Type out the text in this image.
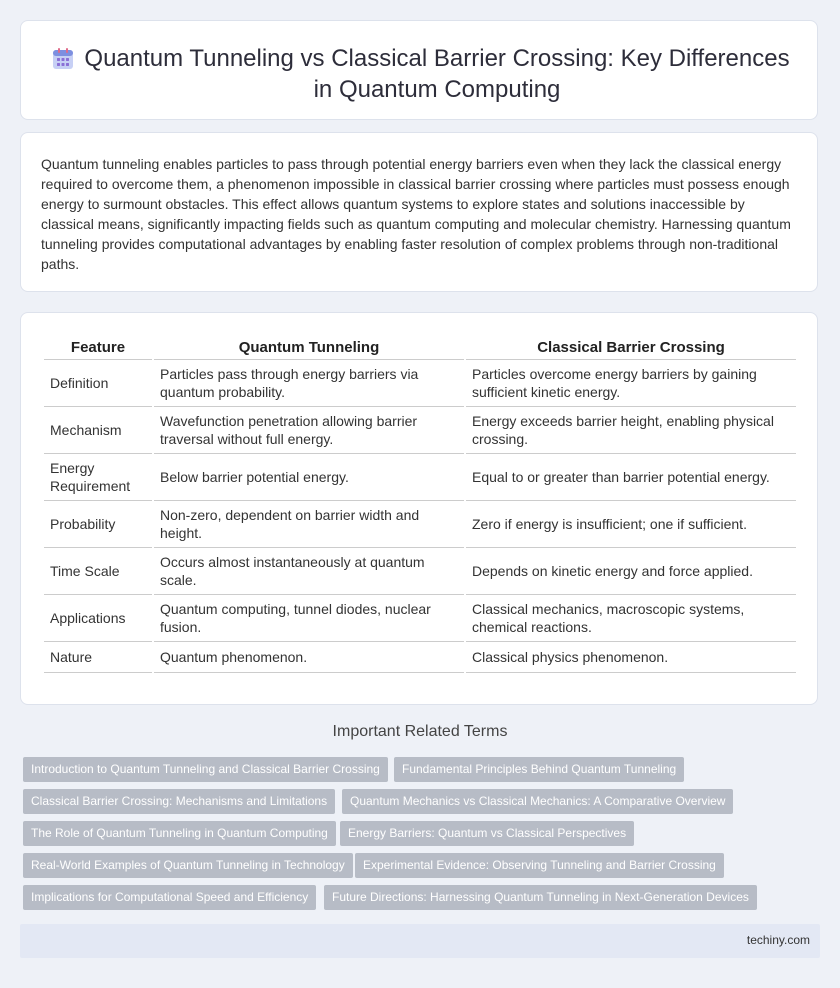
Quantum Tunneling vs Classical Barrier Crossing: Key Differences in Quantum Computing

Quantum tunneling enables particles to pass through potential energy barriers even when they lack the classical energy required to overcome them, a phenomenon impossible in classical barrier crossing where particles must possess enough energy to surmount obstacles. This effect allows quantum systems to explore states and solutions inaccessible by classical means, significantly impacting fields such as quantum computing and molecular chemistry. Harnessing quantum tunneling provides computational advantages by enabling faster resolution of complex problems through non-traditional paths.

Feature	Quantum Tunneling	Classical Barrier Crossing
Definition	Particles pass through energy barriers via quantum probability.	Particles overcome energy barriers by gaining sufficient kinetic energy.
Mechanism	Wavefunction penetration allowing barrier traversal without full energy.	Energy exceeds barrier height, enabling physical crossing.
Energy Requirement	Below barrier potential energy.	Equal to or greater than barrier potential energy.
Probability	Non-zero, dependent on barrier width and height.	Zero if energy is insufficient; one if sufficient.
Time Scale	Occurs almost instantaneously at quantum scale.	Depends on kinetic energy and force applied.
Applications	Quantum computing, tunnel diodes, nuclear fusion.	Classical mechanics, macroscopic systems, chemical reactions.
Nature	Quantum phenomenon.	Classical physics phenomenon.
Important Related Terms
Introduction to Quantum Tunneling and Classical Barrier Crossing	Fundamental Principles Behind Quantum Tunneling
Classical Barrier Crossing: Mechanisms and Limitations	Quantum Mechanics vs Classical Mechanics: A Comparative Overview
The Role of Quantum Tunneling in Quantum Computing	Energy Barriers: Quantum vs Classical Perspectives
Real-World Examples of Quantum Tunneling in Technology	Experimental Evidence: Observing Tunneling and Barrier Crossing
Implications for Computational Speed and Efficiency	Future Directions: Harnessing Quantum Tunneling in Next-Generation Devices
techiny.com
